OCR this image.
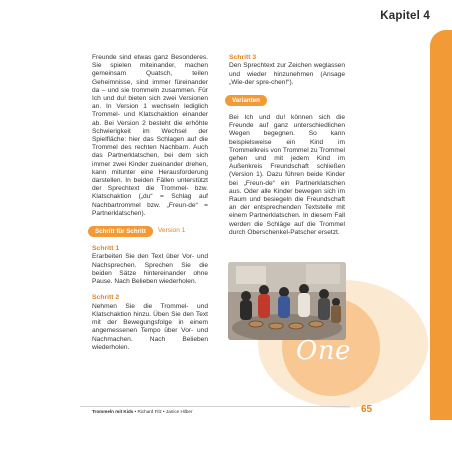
Kapitel 4

Freunde sind etwas ganz Besonderes. Sie spielen miteinander, machen gemeinsam Quatsch, teilen Geheimnisse, sind immer füreinander da – und sie trommeln zusammen. Für Ich und du! bieten sich zwei Versionen an. In Version 1 wechseln lediglich Trommel- und Klatschaktion einander ab. Bei Version 2 besteht die erhöhte Schwierigkeit im Wechsel der Spielfläche: hier das Schlagen auf die Trommel des rechten Nachbarn. Auch das Partnerklatschen, bei dem sich immer zwei Kinder zueinander drehen, kann mitunter eine Herausforderung darstellen. In beiden Fällen unterstützt der Sprechtext die Trommel- bzw. Klatschaktion („du“ = Schlag auf Nachbartrommel bzw. „Freun-de“ = Partnerklatschen).

Schritt für Schritt	Version 1

Schritt 1

Erarbeiten Sie den Text über Vor- und Nachsprechen. Sprechen Sie die beiden Sätze hintereinander ohne Pause. Nach Belieben wiederholen.

Schritt 2

Nehmen Sie die Trommel- und Klatschaktion hinzu. Üben Sie den Text mit der Bewegungsfolge in einem angemessenen Tempo über Vor- und Nachmachen. Nach Belieben wiederholen.

Schritt 3

Den Sprechtext zur Zeichen weglassen und wieder hinzunehmen (Ansage „Wie-der spre-chen!“).

Varianten

Bei Ich und du! können sich die Freunde auf ganz unterschiedlichen Wegen begegnen. So kann beispielsweise ein Kind im Trommelkreis von Trommel zu Trommel gehen und mit jedem Kind im Außenkreis Freundschaft schließen (Version 1). Dazu führen beide Kinder bei „Freun-de“ ein Partnerklatschen aus. Oder alle Kinder bewegen sich im Raum und besiegeln die Freundschaft an der entsprechenden Textstelle mit einem Partnerklatschen. In diesem Fall werden die Schläge auf die Trommel durch Oberschenkel-Patscher ersetzt.

One
Trommeln mit Kids • Richard Filz • Janice Hilber	65
